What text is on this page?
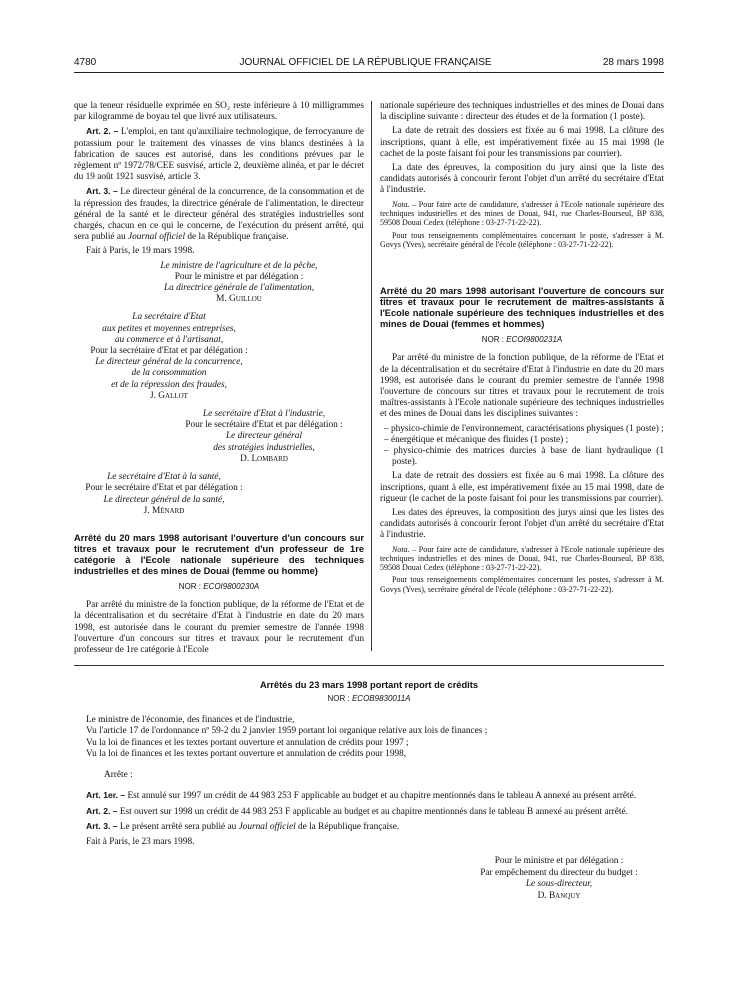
4780	JOURNAL OFFICIEL DE LA RÉPUBLIQUE FRANÇAISE	28 mars 1998

que la teneur résiduelle exprimée en SO₂ reste inférieure à 10 milligrammes par kilogramme de boyau tel que livré aux utilisateurs.

Art. 2. – L'emploi, en tant qu'auxiliaire technologique, de ferrocyanure de potassium pour le traitement des vinasses de vins blancs destinées à la fabrication de sauces est autorisé, dans les conditions prévues par le règlement nº 1972/78/CEE susvisé, article 2, deuxième alinéa, et par le décret du 19 août 1921 susvisé, article 3.

Art. 3. – Le directeur général de la concurrence, de la consommation et de la répression des fraudes, la directrice générale de l'alimentation, le directeur général de la santé et le directeur général des stratégies industrielles sont chargés, chacun en ce qui le concerne, de l'exécution du présent arrêté, qui sera publié au Journal officiel de la République française.

Fait à Paris, le 19 mars 1998.

Le ministre de l'agriculture et de la pêche,

Pour le ministre et par délégation :

La directrice générale de l'alimentation,

M. Guillou

La secrétaire d'Etat

aux petites et moyennes entreprises,

au commerce et à l'artisanat,

Pour la secrétaire d'Etat et par délégation :

Le directeur général de la concurrence,

de la consommation

et de la répression des fraudes,

J. Gallot

Le secrétaire d'Etat à l'industrie,

Pour le secrétaire d'Etat et par délégation :

Le directeur général

des stratégies industrielles,

D. Lombard

Le secrétaire d'Etat à la santé,

Pour le secrétaire d'Etat et par délégation :

Le directeur général de la santé,

J. Ménard

Arrêté du 20 mars 1998 autorisant l'ouverture d'un concours sur titres et travaux pour le recrutement d'un professeur de 1re catégorie à l'Ecole nationale supérieure des techniques industrielles et des mines de Douai (femme ou homme)

NOR : ECOI9800230A

Par arrêté du ministre de la fonction publique, de la réforme de l'Etat et de la décentralisation et du secrétaire d'Etat à l'industrie en date du 20 mars 1998, est autorisée dans le courant du premier semestre de l'année 1998 l'ouverture d'un concours sur titres et travaux pour le recrutement d'un professeur de 1re catégorie à l'Ecole

nationale supérieure des techniques industrielles et des mines de Douai dans la discipline suivante : directeur des études et de la formation (1 poste).

La date de retrait des dossiers est fixée au 6 mai 1998. La clôture des inscriptions, quant à elle, est impérativement fixée au 15 mai 1998 (le cachet de la poste faisant foi pour les transmissions par courrier).

La date des épreuves, la composition du jury ainsi que la liste des candidats autorisés à concourir feront l'objet d'un arrêté du secrétaire d'Etat à l'industrie.

Nota. – Pour faire acte de candidature, s'adresser à l'Ecole nationale supérieure des techniques industrielles et des mines de Douai, 941, rue Charles-Bourseul, BP 838, 59508 Douai Cedex (téléphone : 03-27-71-22-22).

Pour tous renseignements complémentaires concernant le poste, s'adresser à M. Govys (Yves), secrétaire général de l'école (téléphone : 03-27-71-22-22).

Arrêté du 20 mars 1998 autorisant l'ouverture de concours sur titres et travaux pour le recrutement de maîtres-assistants à l'Ecole nationale supérieure des techniques industrielles et des mines de Douai (femmes et hommes)

NOR : ECOI9800231A

Par arrêté du ministre de la fonction publique, de la réforme de l'Etat et de la décentralisation et du secrétaire d'Etat à l'industrie en date du 20 mars 1998, est autorisée dans le courant du premier semestre de l'année 1998 l'ouverture de concours sur titres et travaux pour le recrutement de trois maîtres-assistants à l'Ecole nationale supérieure des techniques industrielles et des mines de Douai dans les disciplines suivantes :

– physico-chimie de l'environnement, caractérisations physiques (1 poste) ;
– énergétique et mécanique des fluides (1 poste) ;
– physico-chimie des matrices durcies à base de liant hydraulique (1 poste).

La date de retrait des dossiers est fixée au 6 mai 1998. La clôture des inscriptions, quant à elle, est impérativement fixée au 15 mai 1998, date de rigueur (le cachet de la poste faisant foi pour les transmissions par courrier).

Les dates des épreuves, la composition des jurys ainsi que les listes des candidats autorisés à concourir feront l'objet d'un arrêté du secrétaire d'Etat à l'industrie.

Nota. – Pour faire acte de candidature, s'adresser à l'Ecole nationale supérieure des techniques industrielles et des mines de Douai, 941, rue Charles-Bourseul, BP 838, 59508 Douai Cedex (téléphone : 03-27-71-22-22).

Pour tous renseignements complémentaires concernant les postes, s'adresser à M. Govys (Yves), secrétaire général de l'école (téléphone : 03-27-71-22-22).

Arrêtés du 23 mars 1998 portant report de crédits

NOR : ECOB9830011A

Le ministre de l'économie, des finances et de l'industrie,

Vu l'article 17 de l'ordonnance nº 59-2 du 2 janvier 1959 portant loi organique relative aux lois de finances ;

Vu la loi de finances et les textes portant ouverture et annulation de crédits pour 1997 ;

Vu la loi de finances et les textes portant ouverture et annulation de crédits pour 1998,

Arrête :

Art. 1er. – Est annulé sur 1997 un crédit de 44 983 253 F applicable au budget et au chapitre mentionnés dans le tableau A annexé au présent arrêté.

Art. 2. – Est ouvert sur 1998 un crédit de 44 983 253 F applicable au budget et au chapitre mentionnés dans le tableau B annexé au présent arrêté.

Art. 3. – Le présent arrêté sera publié au Journal officiel de la République française.

Fait à Paris, le 23 mars 1998.

Pour le ministre et par délégation :

Par empêchement du directeur du budget :

Le sous-directeur,

D. Banquy
